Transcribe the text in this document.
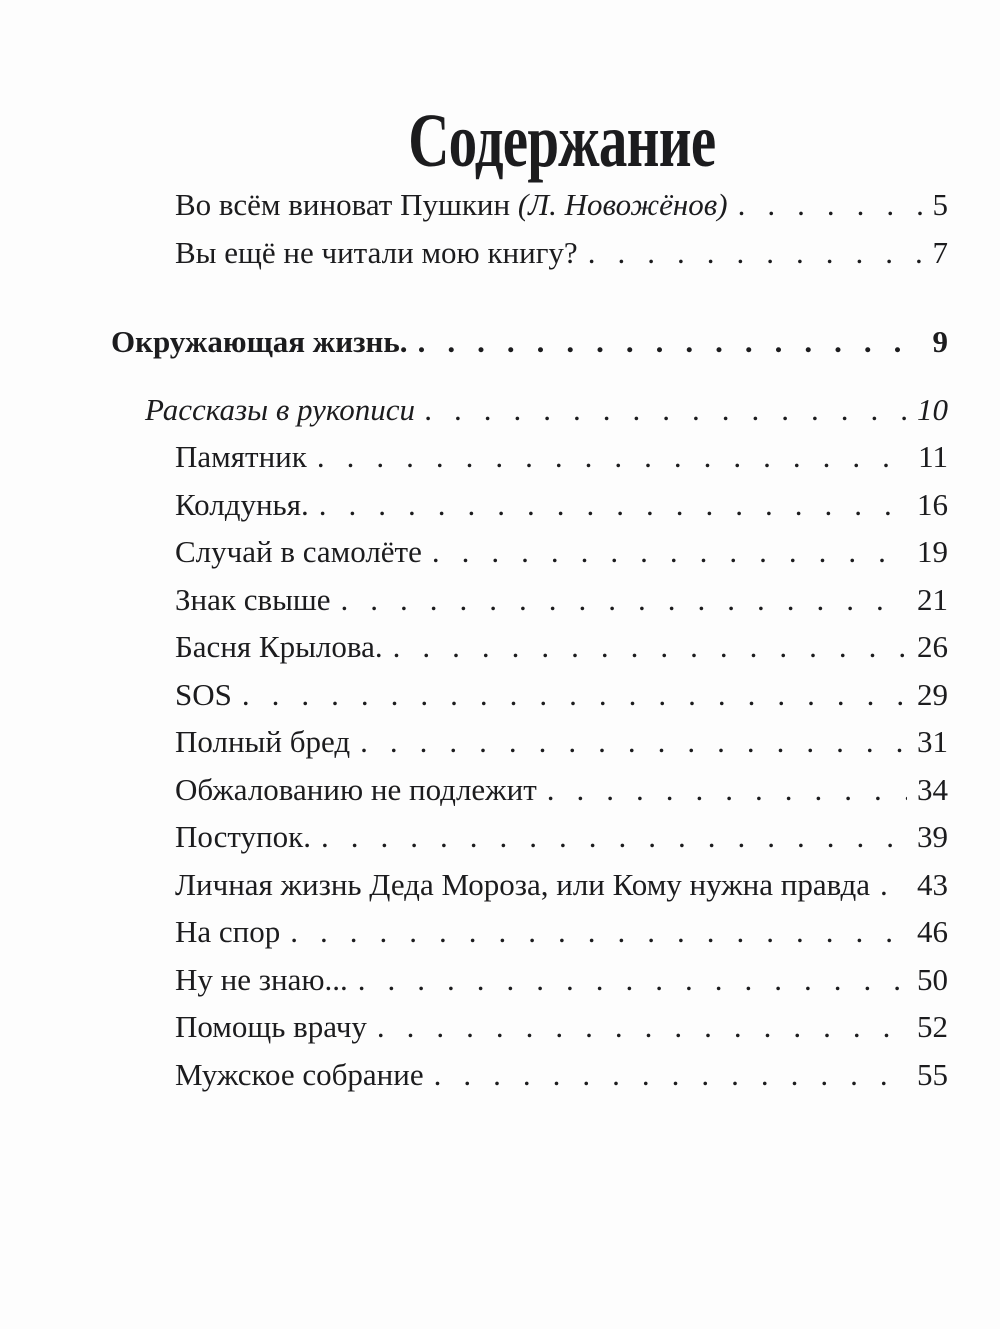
Содержание
Во всём виноват Пушкин (Л. Новожёнов) .....	5
Вы ещё не читали мою книгу? .....	7
Окружающая жизнь. .....	9
Рассказы в рукописи .....	10
Памятник .....	11
Колдунья. .....	16
Случай в самолёте .....	19
Знак свыше .....	21
Басня Крылова. .....	26
SOS .....	29
Полный бред .....	31
Обжалованию не подлежит .....	34
Поступок. .....	39
Личная жизнь Деда Мороза, или Кому нужна правда ..... 43
На спор .....	46
Ну не знаю... .....	50
Помощь врачу .....	52
Мужское собрание .....	55
